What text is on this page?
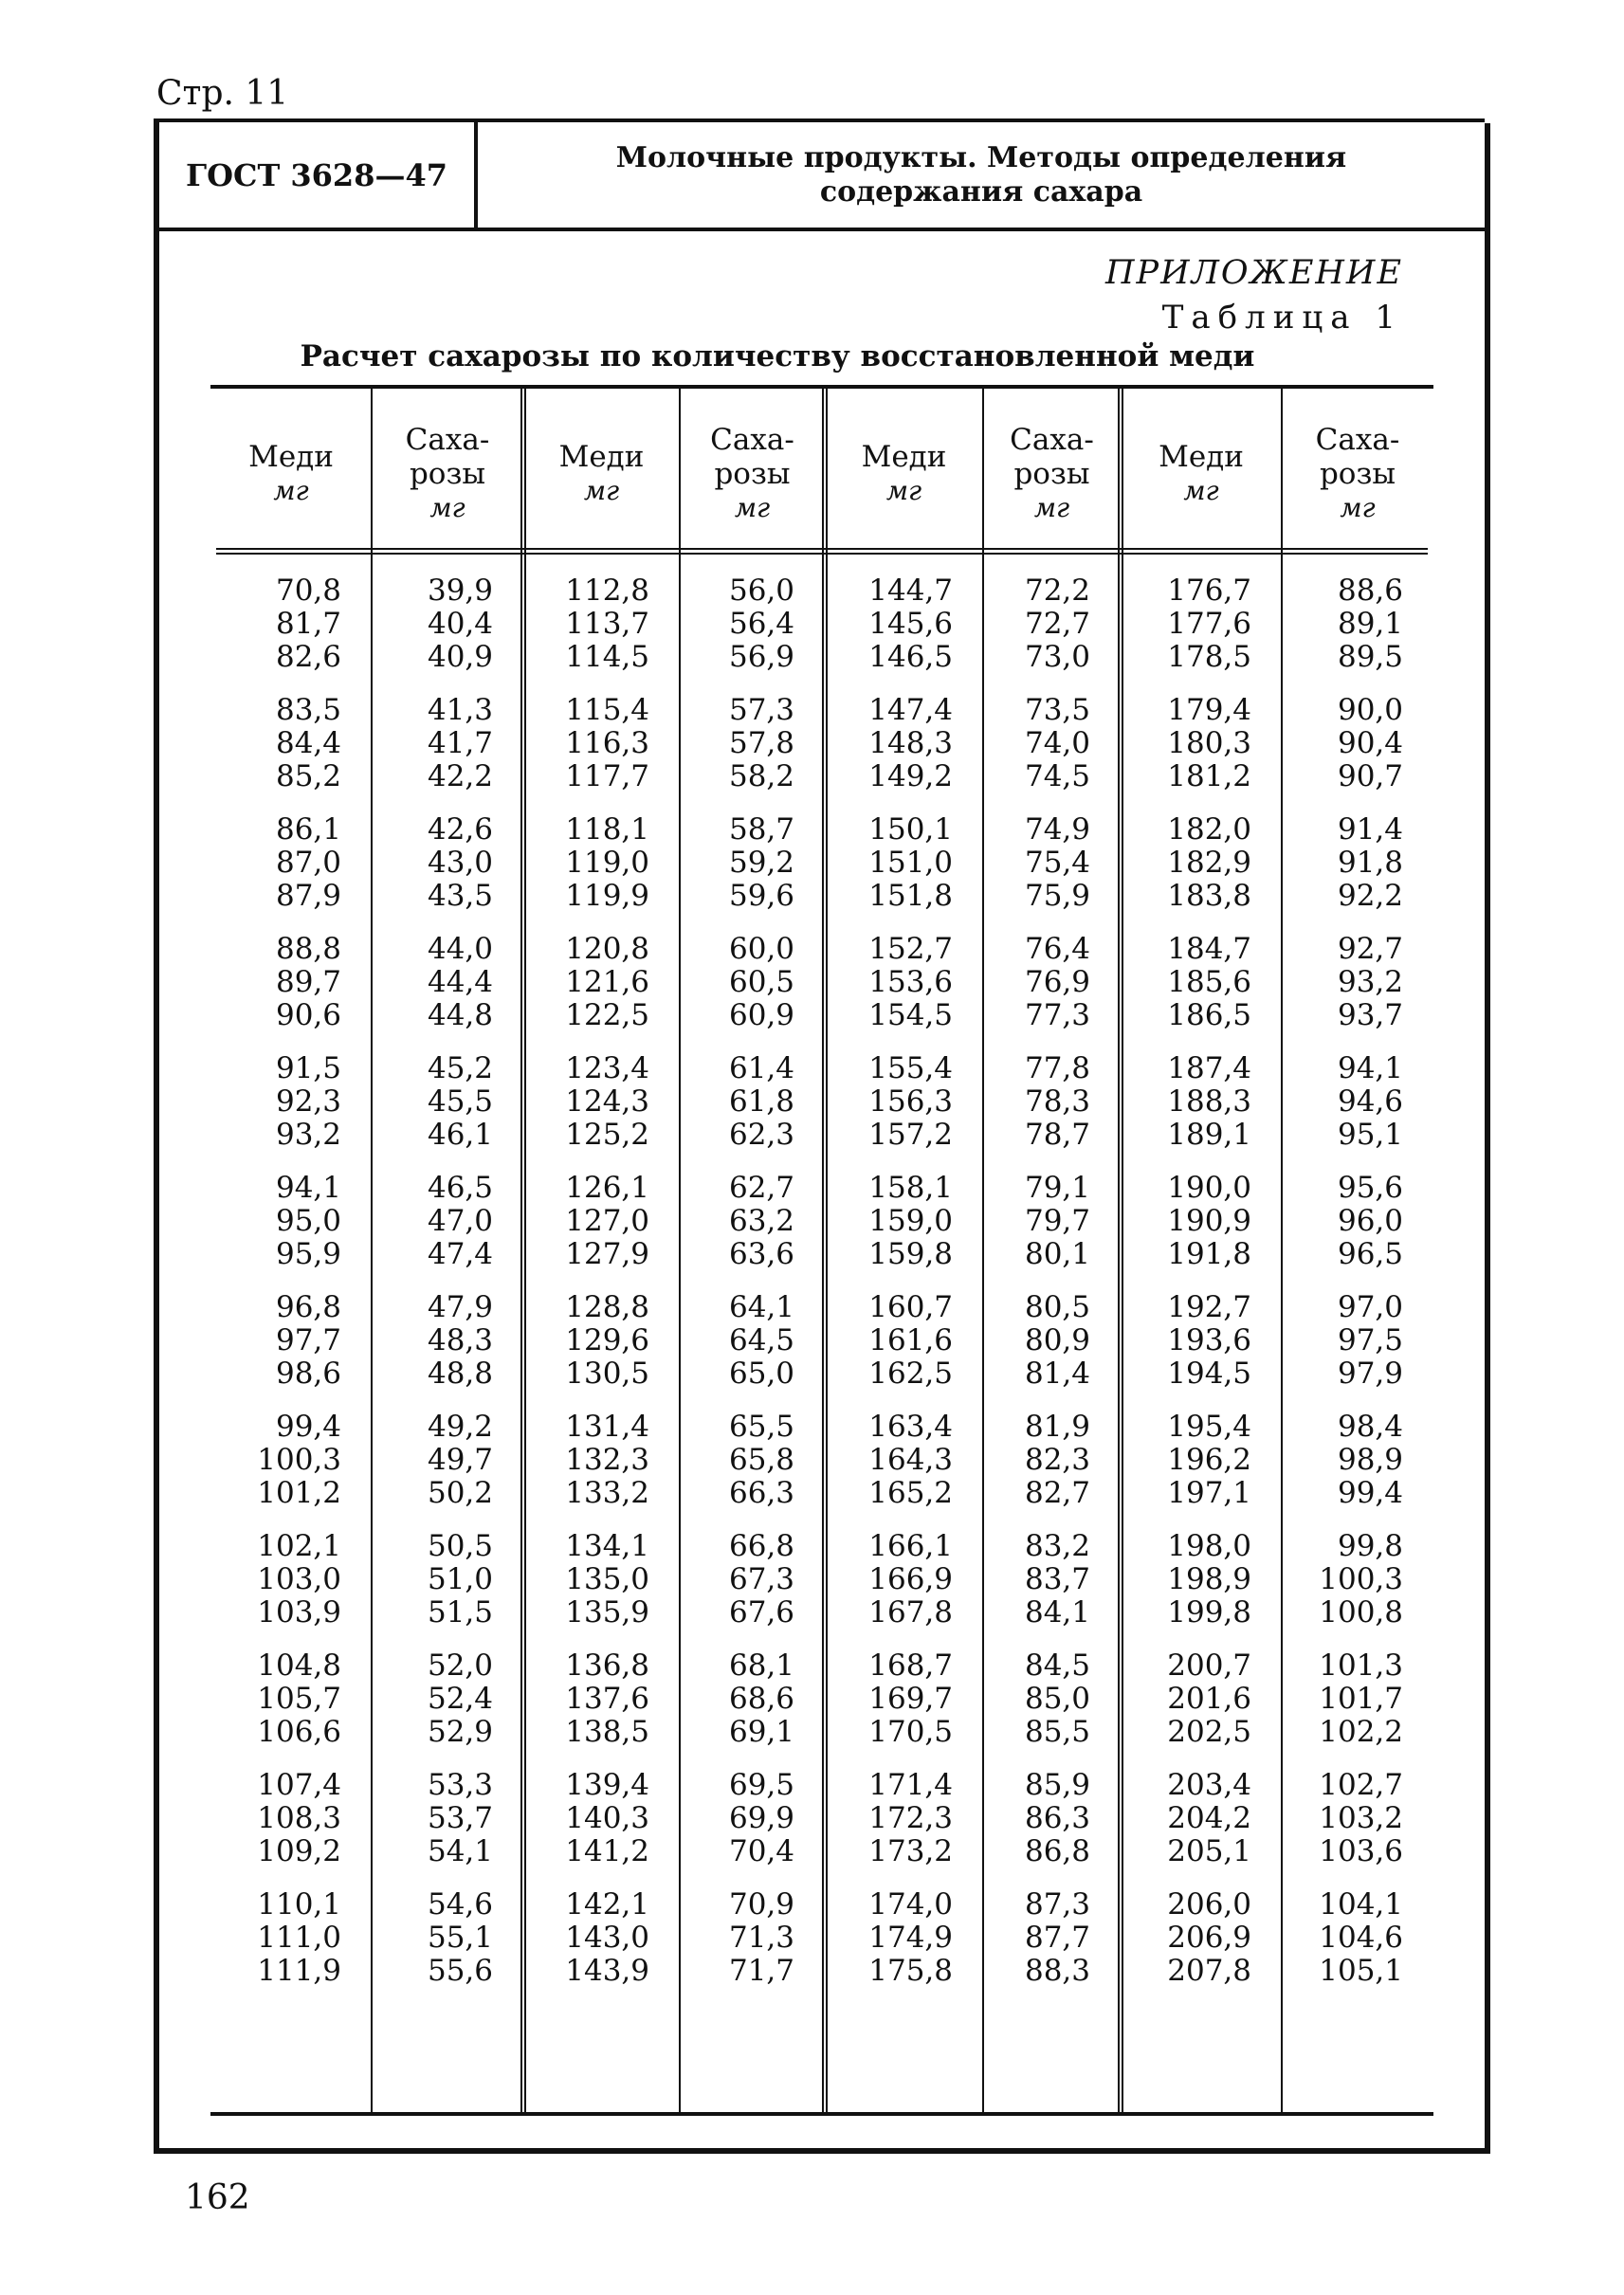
Стр. 11
ГОСТ 3628—47	Молочные продукты. Методы определения
содержания сахара
ПРИЛОЖЕНИЕ
Таблица 1
Расчет сахарозы по количеству восстановленной меди
Меди
мг
70,8
81,7
82,6
83,5
84,4
85,2
86,1
87,0
87,9
88,8
89,7
90,6
91,5
92,3
93,2
94,1
95,0
95,9
96,8
97,7
98,6
99,4
100,3
101,2
102,1
103,0
103,9
104,8
105,7
106,6
107,4
108,3
109,2
110,1
111,0
111,9
Саха-
розы
мг
39,9
40,4
40,9
41,3
41,7
42,2
42,6
43,0
43,5
44,0
44,4
44,8
45,2
45,5
46,1
46,5
47,0
47,4
47,9
48,3
48,8
49,2
49,7
50,2
50,5
51,0
51,5
52,0
52,4
52,9
53,3
53,7
54,1
54,6
55,1
55,6
Меди
мг
112,8
113,7
114,5
115,4
116,3
117,7
118,1
119,0
119,9
120,8
121,6
122,5
123,4
124,3
125,2
126,1
127,0
127,9
128,8
129,6
130,5
131,4
132,3
133,2
134,1
135,0
135,9
136,8
137,6
138,5
139,4
140,3
141,2
142,1
143,0
143,9
Саха-
розы
мг
56,0
56,4
56,9
57,3
57,8
58,2
58,7
59,2
59,6
60,0
60,5
60,9
61,4
61,8
62,3
62,7
63,2
63,6
64,1
64,5
65,0
65,5
65,8
66,3
66,8
67,3
67,6
68,1
68,6
69,1
69,5
69,9
70,4
70,9
71,3
71,7
Меди
мг
144,7
145,6
146,5
147,4
148,3
149,2
150,1
151,0
151,8
152,7
153,6
154,5
155,4
156,3
157,2
158,1
159,0
159,8
160,7
161,6
162,5
163,4
164,3
165,2
166,1
166,9
167,8
168,7
169,7
170,5
171,4
172,3
173,2
174,0
174,9
175,8
Саха-
розы
мг
72,2
72,7
73,0
73,5
74,0
74,5
74,9
75,4
75,9
76,4
76,9
77,3
77,8
78,3
78,7
79,1
79,7
80,1
80,5
80,9
81,4
81,9
82,3
82,7
83,2
83,7
84,1
84,5
85,0
85,5
85,9
86,3
86,8
87,3
87,7
88,3
Меди
мг
176,7
177,6
178,5
179,4
180,3
181,2
182,0
182,9
183,8
184,7
185,6
186,5
187,4
188,3
189,1
190,0
190,9
191,8
192,7
193,6
194,5
195,4
196,2
197,1
198,0
198,9
199,8
200,7
201,6
202,5
203,4
204,2
205,1
206,0
206,9
207,8
Саха-
розы
мг
88,6
89,1
89,5
90,0
90,4
90,7
91,4
91,8
92,2
92,7
93,2
93,7
94,1
94,6
95,1
95,6
96,0
96,5
97,0
97,5
97,9
98,4
98,9
99,4
99,8
100,3
100,8
101,3
101,7
102,2
102,7
103,2
103,6
104,1
104,6
105,1
162
